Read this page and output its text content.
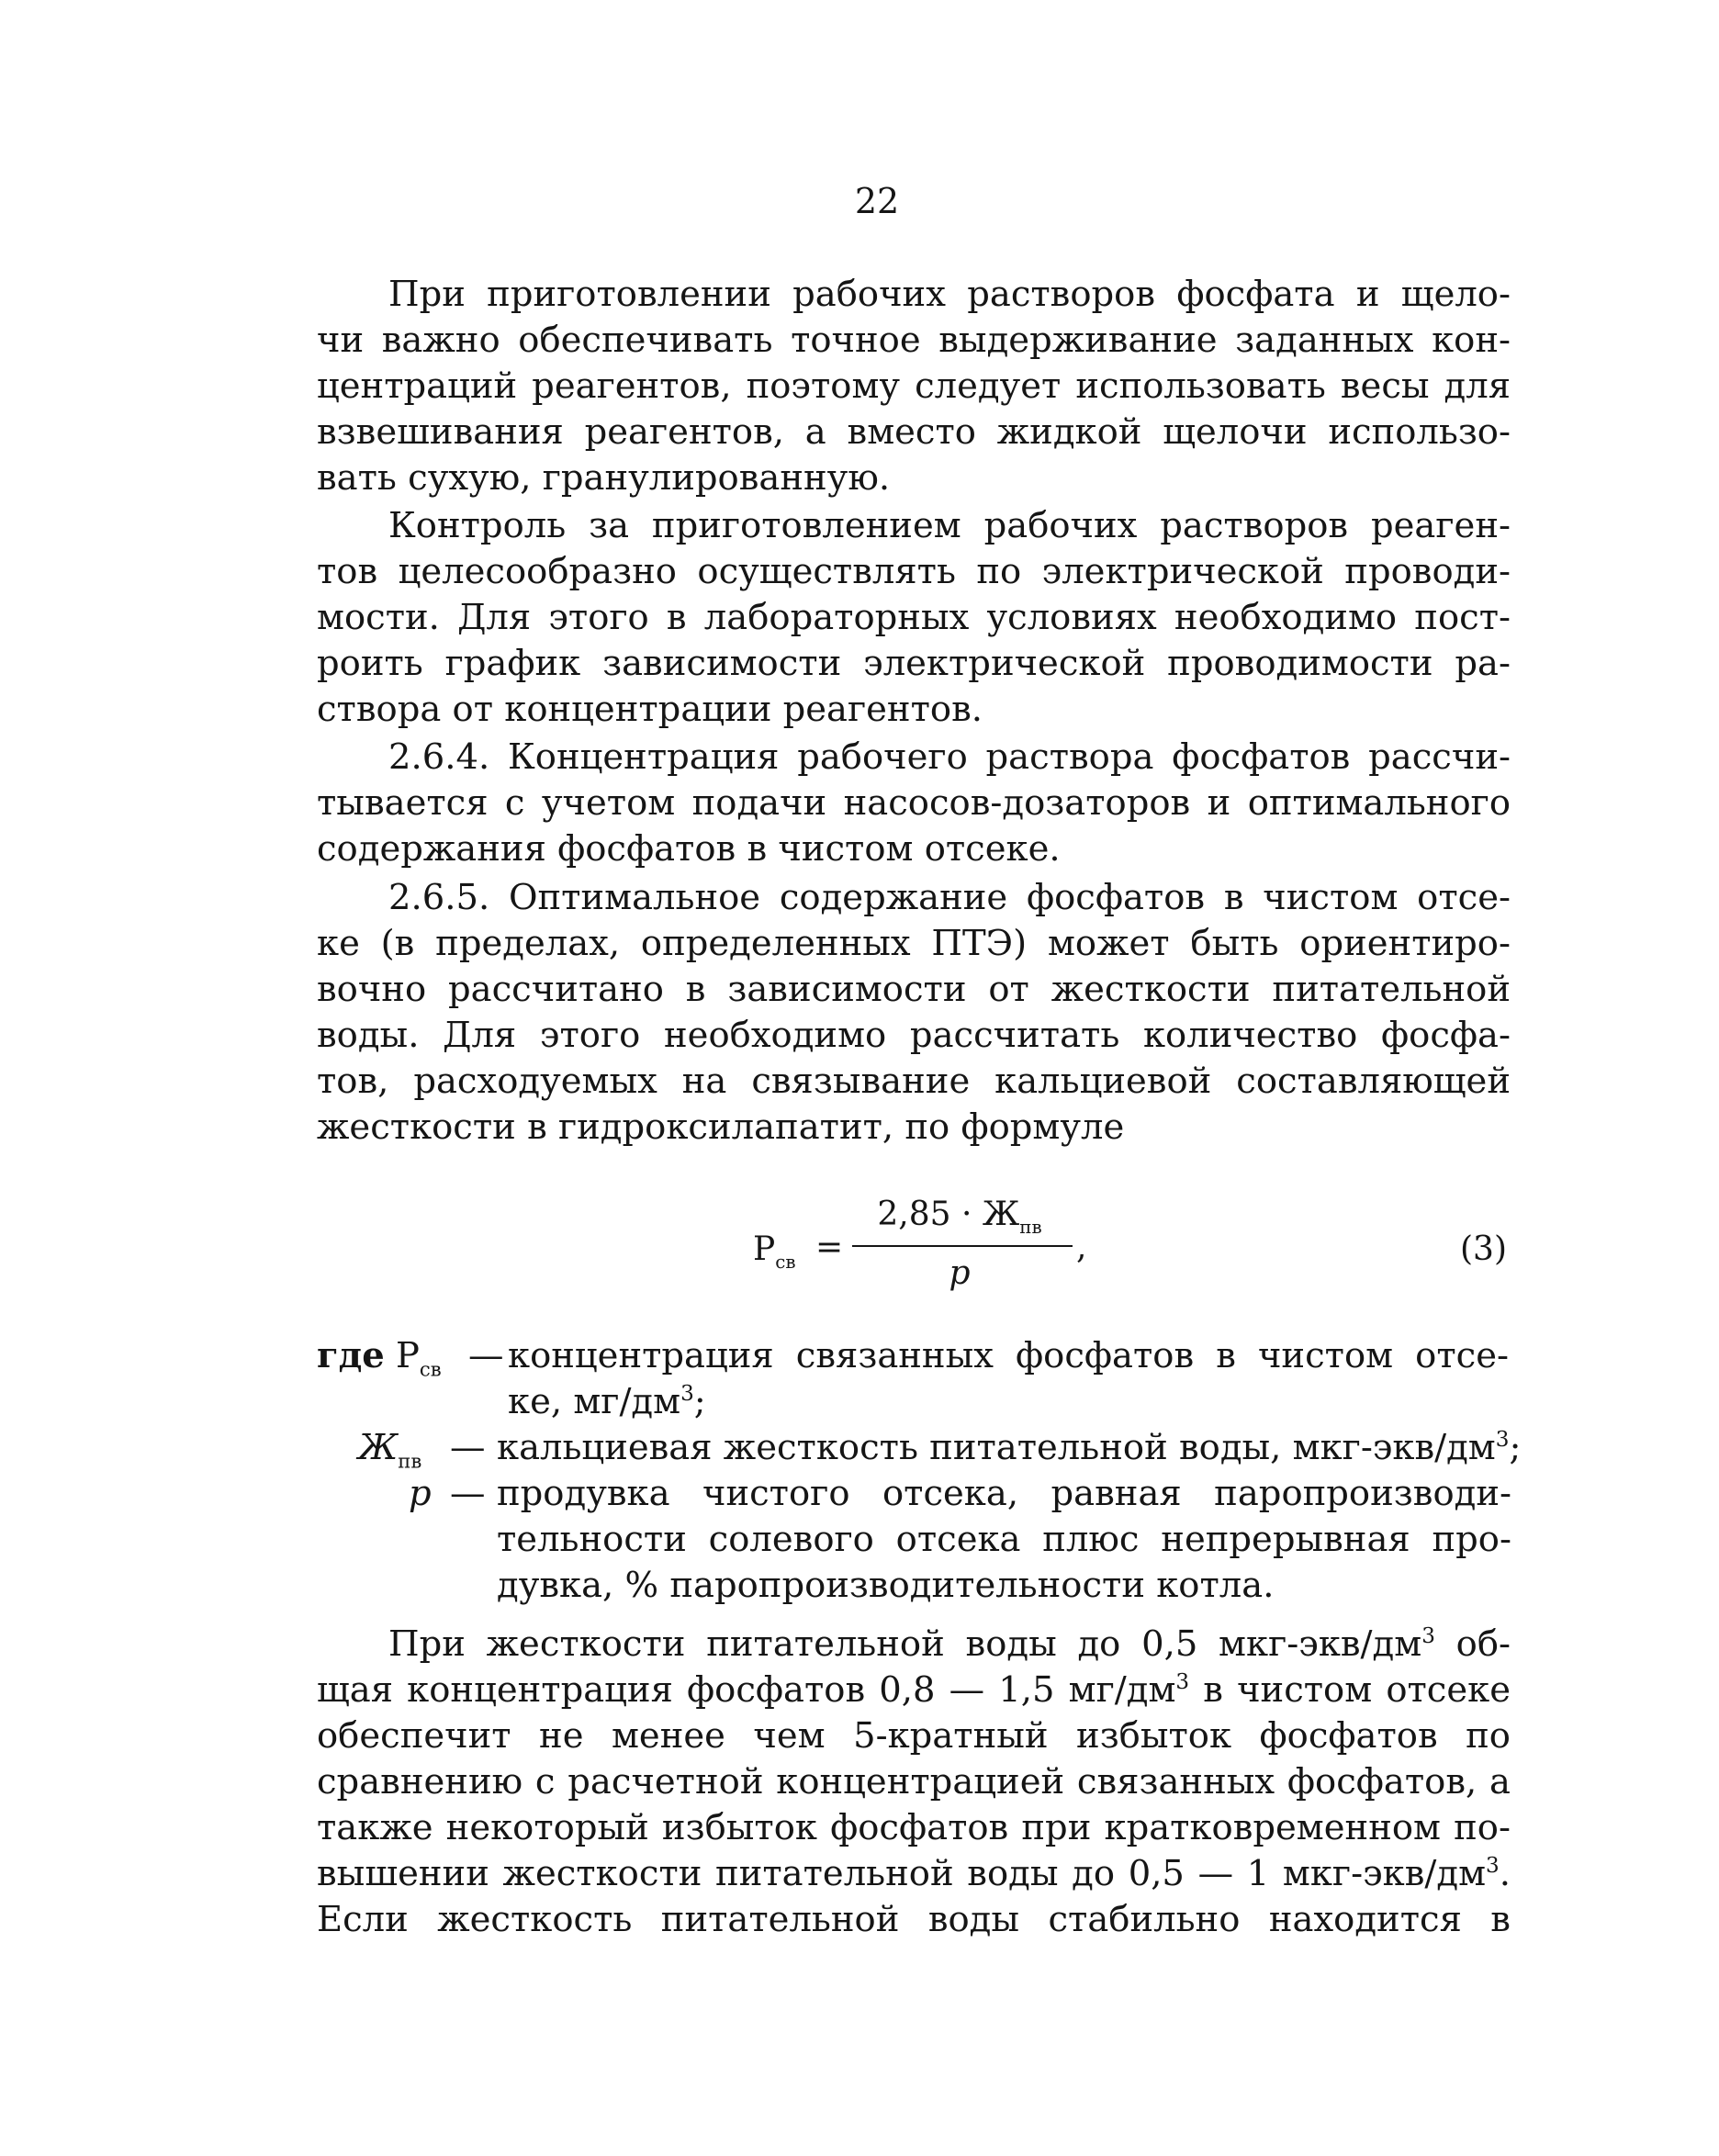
22
При приготовлении рабочих растворов фосфата и щело-
чи важно обеспечивать точное выдерживание заданных кон-
центраций реагентов, поэтому следует использовать весы для
взвешивания реагентов, а вместо жидкой щелочи использо-
вать сухую, гранулированную.
Контроль за приготовлением рабочих растворов реаген-
тов целесообразно осуществлять по электрической проводи-
мости. Для этого в лабораторных условиях необходимо пост-
роить график зависимости электрической проводимости ра-
створа от концентрации реагентов.
2.6.4. Концентрация рабочего раствора фосфатов рассчи-
тывается с учетом подачи насосов-дозаторов и оптимального
содержания фосфатов в чистом отсеке.
2.6.5. Оптимальное содержание фосфатов в чистом отсе-
ке (в пределах, определенных ПТЭ) может быть ориентиро-
вочно рассчитано в зависимости от жесткости питательной
воды. Для этого необходимо рассчитать количество фосфа-
тов, расходуемых на связывание кальциевой составляющей
жесткости в гидроксилапатит, по формуле
$Р_{св}$ =
$2,85 \cdot Ж_{пв}$
p
,	(3)
где $Р_{св}$ — концентрация связанных фосфатов в чистом отсе-
ке, $мг/дм^3$;
$Ж_{пв}$ — кальциевая жесткость питательной воды, мкг-$экв/дм^3$;
p — продувка чистого отсека, равная паропроизводи-
тельности солевого отсека плюс непрерывная про-
дувка, % паропроизводительности котла.
При жесткости питательной воды до 0,5 мкг-$экв/дм^3$ об-
щая концентрация фосфатов 0,8 — 1,5 $мг/дм^3$ в чистом отсеке
обеспечит не менее чем 5-кратный избыток фосфатов по
сравнению с расчетной концентрацией связанных фосфатов, а
также некоторый избыток фосфатов при кратковременном по-
вышении жесткости питательной воды до 0,5 — 1 мкг-$экв/дм^3$.
Если жесткость питательной воды стабильно находится в
